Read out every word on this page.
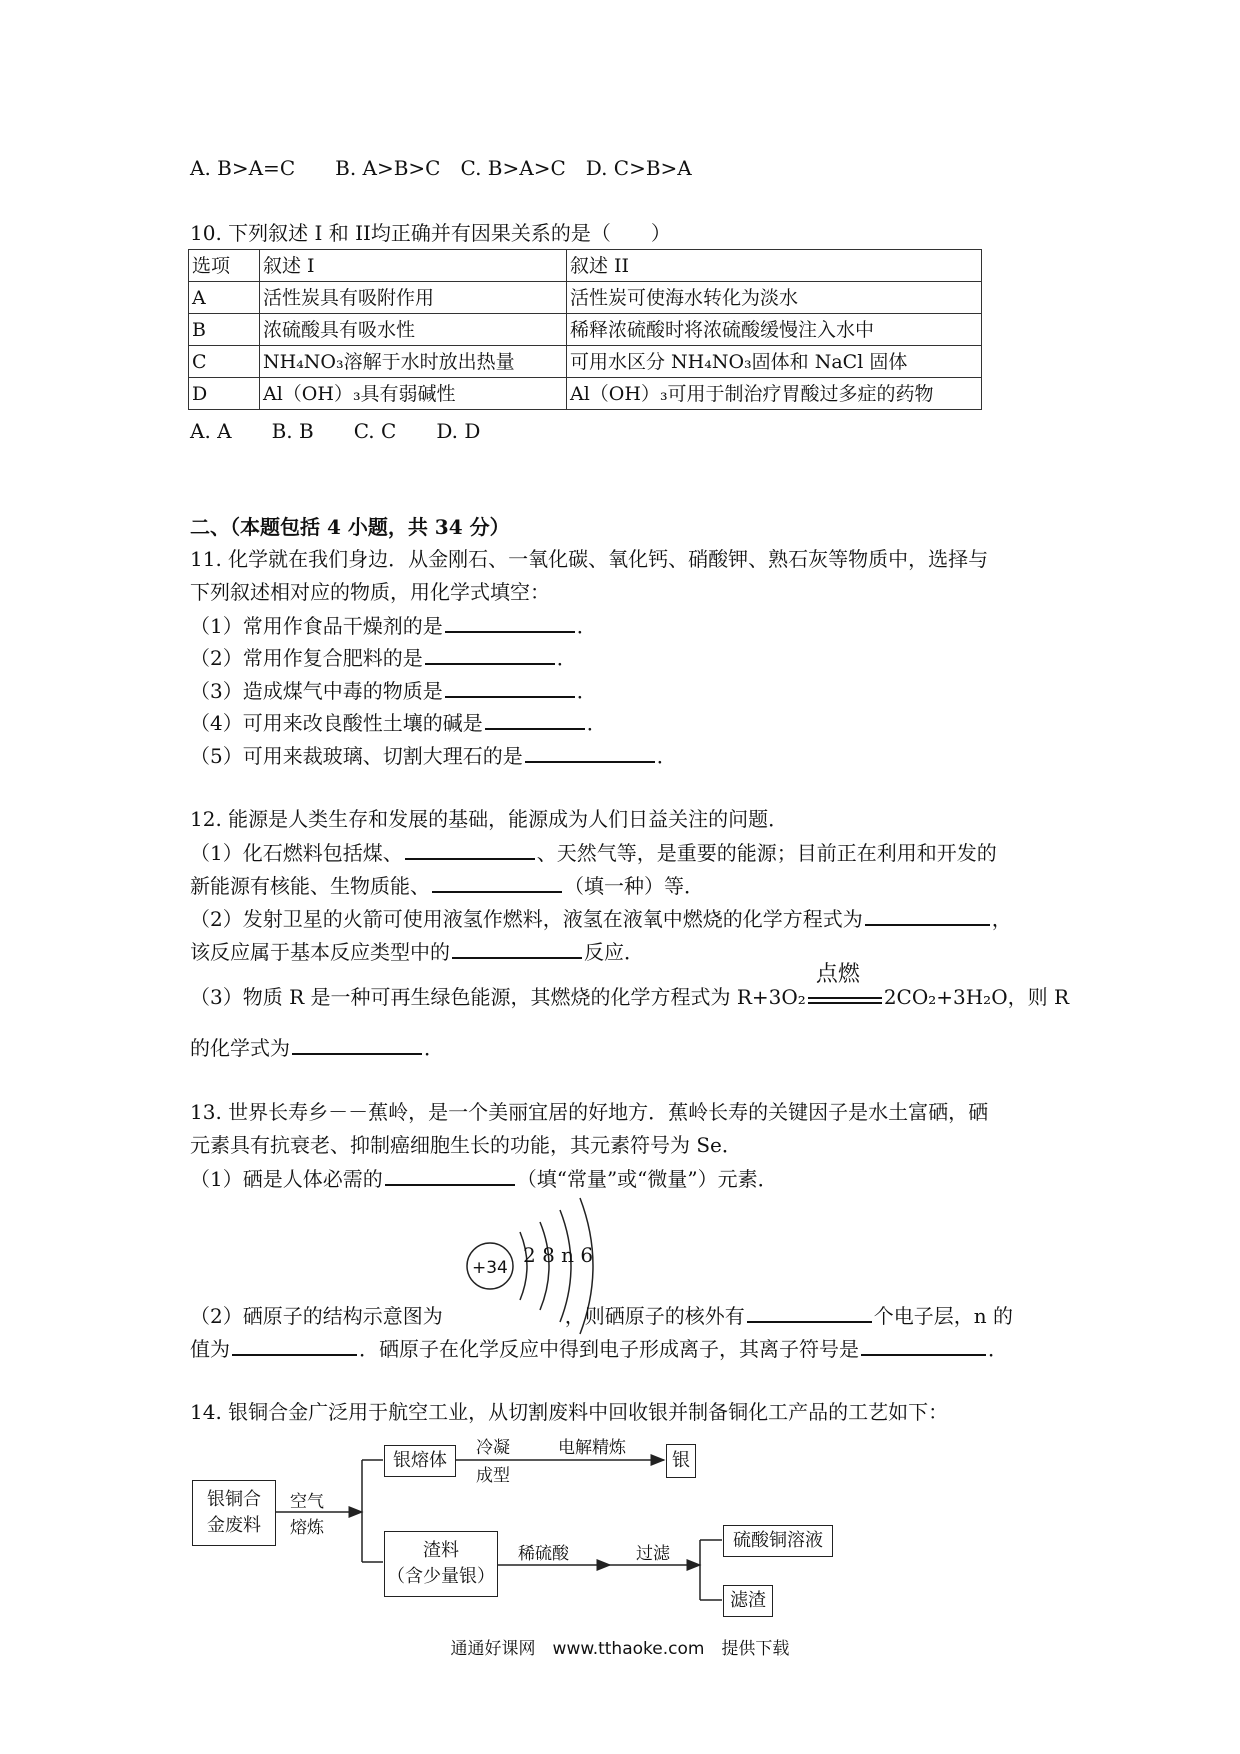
A. B>A=C　　B. A>B>C　C. B>A>C　D. C>B>A
10. 下列叙述 I 和 II均正确并有因果关系的是（　　）
选项	叙述 I	叙述 II
A	活性炭具有吸附作用	活性炭可使海水转化为淡水
B	浓硫酸具有吸水性	稀释浓硫酸时将浓硫酸缓慢注入水中
C	NH₄NO₃溶解于水时放出热量	可用水区分 NH₄NO₃固体和 NaCl 固体
D	Al（OH）₃具有弱碱性	Al（OH）₃可用于制治疗胃酸过多症的药物
A. A　　B. B　　C. C　　D. D
二、（本题包括 4 小题，共 34 分）
11. 化学就在我们身边．从金刚石、一氧化碳、氧化钙、硝酸钾、熟石灰等物质中，选择与
下列叙述相对应的物质，用化学式填空：
（1）常用作食品干燥剂的是	．
（2）常用作复合肥料的是	．
（3）造成煤气中毒的物质是	．
（4）可用来改良酸性土壤的碱是	．
（5）可用来裁玻璃、切割大理石的是	．
12. 能源是人类生存和发展的基础，能源成为人们日益关注的问题．
（1）化石燃料包括煤、	、天然气等，是重要的能源；目前正在利用和开发的
新能源有核能、生物质能、	（填一种）等．
（2）发射卫星的火箭可使用液氢作燃料，液氢在液氧中燃烧的化学方程式为	，
该反应属于基本反应类型中的	反应．
（3）物质 R 是一种可再生绿色能源，其燃烧的化学方程式为 R+3O₂
点燃
2CO₂+3H₂O，则 R
的化学式为	．
13. 世界长寿乡－－蕉岭，是一个美丽宜居的好地方．蕉岭长寿的关键因子是水土富硒，硒
元素具有抗衰老、抑制癌细胞生长的功能，其元素符号为 Se．
（1）硒是人体必需的	（填“常量”或“微量”）元素．
+34
2 8 n 6
（2）硒原子的结构示意图为	，则硒原子的核外有	个电子层，n 的
值为	．硒原子在化学反应中得到电子形成离子，其离子符号是	．
14. 银铜合金广泛用于航空工业，从切割废料中回收银并制备铜化工产品的工艺如下：
银铜合
金废料
空气
熔炼
银熔体
冷凝
成型
电解精炼
银
渣料
（含少量银）
稀硫酸	过滤
硫酸铜溶液
滤渣
通通好课网　www.tthaoke.com　提供下载
